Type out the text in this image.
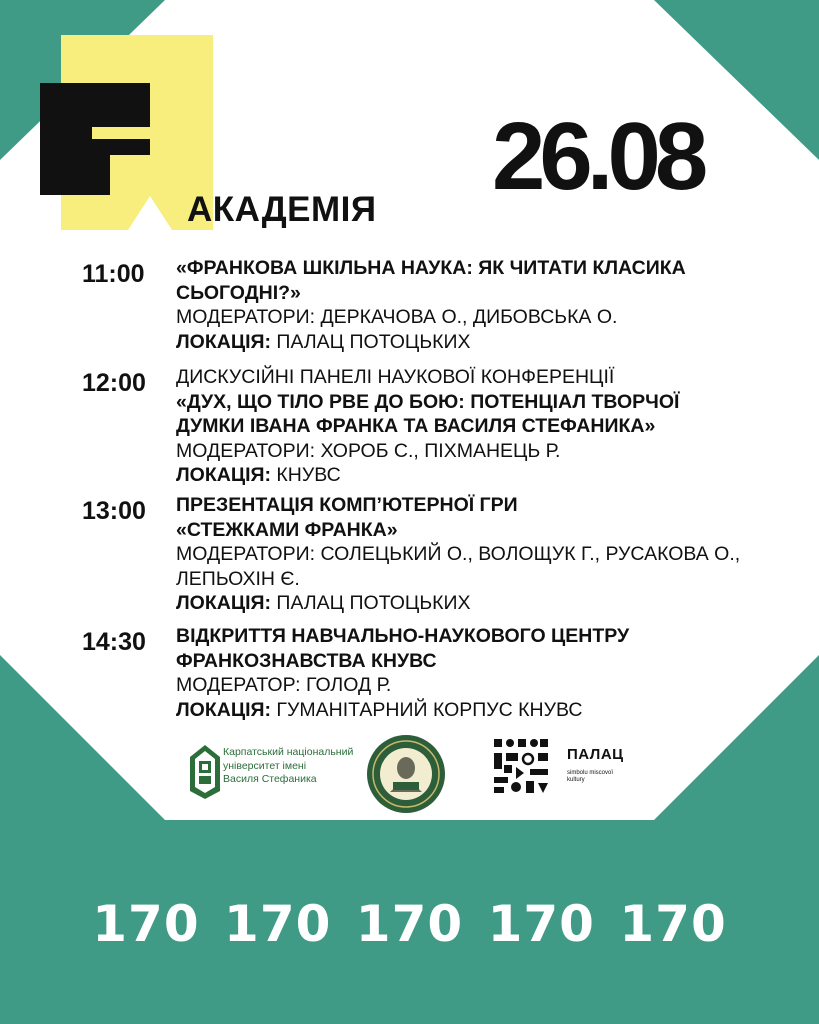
АКАДЕМІЯ 26.08
11:00 «ФРАНКОВА ШКІЛЬНА НАУКА: ЯК ЧИТАТИ КЛАСИКА
СЬОГОДНІ?»
МОДЕРАТОРИ: ДЕРКАЧОВА О., ДИБОВСЬКА О.
ЛОКАЦІЯ: ПАЛАЦ ПОТОЦЬКИХ
12:00 ДИСКУСІЙНІ ПАНЕЛІ НАУКОВОЇ КОНФЕРЕНЦІЇ
«ДУХ, ЩО ТІЛО РВЕ ДО БОЮ: ПОТЕНЦІАЛ ТВОРЧОЇ
ДУМКИ ІВАНА ФРАНКА ТА ВАСИЛЯ СТЕФАНИКА»
МОДЕРАТОРИ: ХОРОБ С., ПІХМАНЕЦЬ Р.
ЛОКАЦІЯ: КНУВС
13:00 ПРЕЗЕНТАЦІЯ КОМП’ЮТЕРНОЇ ГРИ
«СТЕЖКАМИ ФРАНКА»
МОДЕРАТОРИ: СОЛЕЦЬКИЙ О., ВОЛОЩУК Г., РУСАКОВА О.,
ЛЕПЬОХІН Є.
ЛОКАЦІЯ: ПАЛАЦ ПОТОЦЬКИХ
14:30 ВІДКРИТТЯ НАВЧАЛЬНО-НАУКОВОГО ЦЕНТРУ
ФРАНКОЗНАВСТВА КНУВС
МОДЕРАТОР: ГОЛОД Р.
ЛОКАЦІЯ: ГУМАНІТАРНИЙ КОРПУС КНУВС
Карпатський національний
університет імені
Василя Стефаника
ПАЛАЦ
simbolu miscovoï kultury
170 170 170 170 170
